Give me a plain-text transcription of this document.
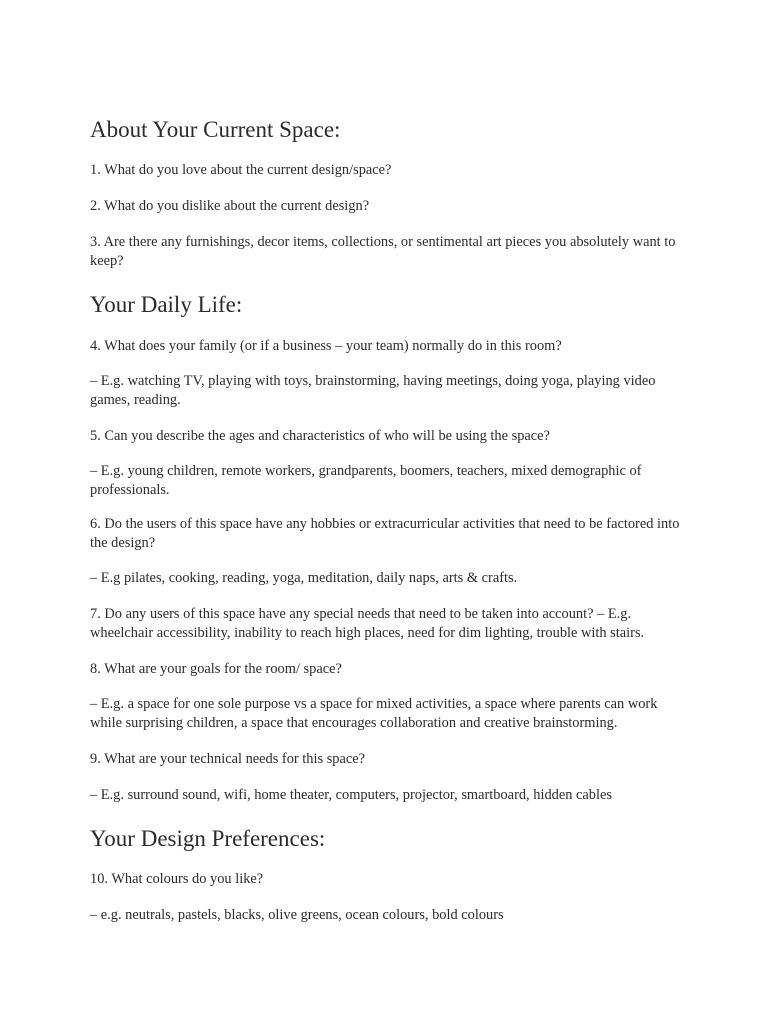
About Your Current Space:

1. What do you love about the current design/space?

2. What do you dislike about the current design?

3. Are there any furnishings, decor items, collections, or sentimental art pieces you absolutely want to keep?

Your Daily Life:

4. What does your family (or if a business – your team) normally do in this room?

– E.g. watching TV, playing with toys, brainstorming, having meetings, doing yoga, playing video games, reading.

5. Can you describe the ages and characteristics of who will be using the space?

– E.g. young children, remote workers, grandparents, boomers, teachers, mixed demographic of professionals.

6. Do the users of this space have any hobbies or extracurricular activities that need to be factored into the design?

– E.g pilates, cooking, reading, yoga, meditation, daily naps, arts & crafts.

7. Do any users of this space have any special needs that need to be taken into account? – E.g. wheelchair accessibility, inability to reach high places, need for dim lighting, trouble with stairs.

8. What are your goals for the room/ space?

– E.g. a space for one sole purpose vs a space for mixed activities, a space where parents can work while surprising children, a space that encourages collaboration and creative brainstorming.

9. What are your technical needs for this space?

– E.g. surround sound, wifi, home theater, computers, projector, smartboard, hidden cables

Your Design Preferences:

10. What colours do you like?

– e.g. neutrals, pastels, blacks, olive greens, ocean colours, bold colours
